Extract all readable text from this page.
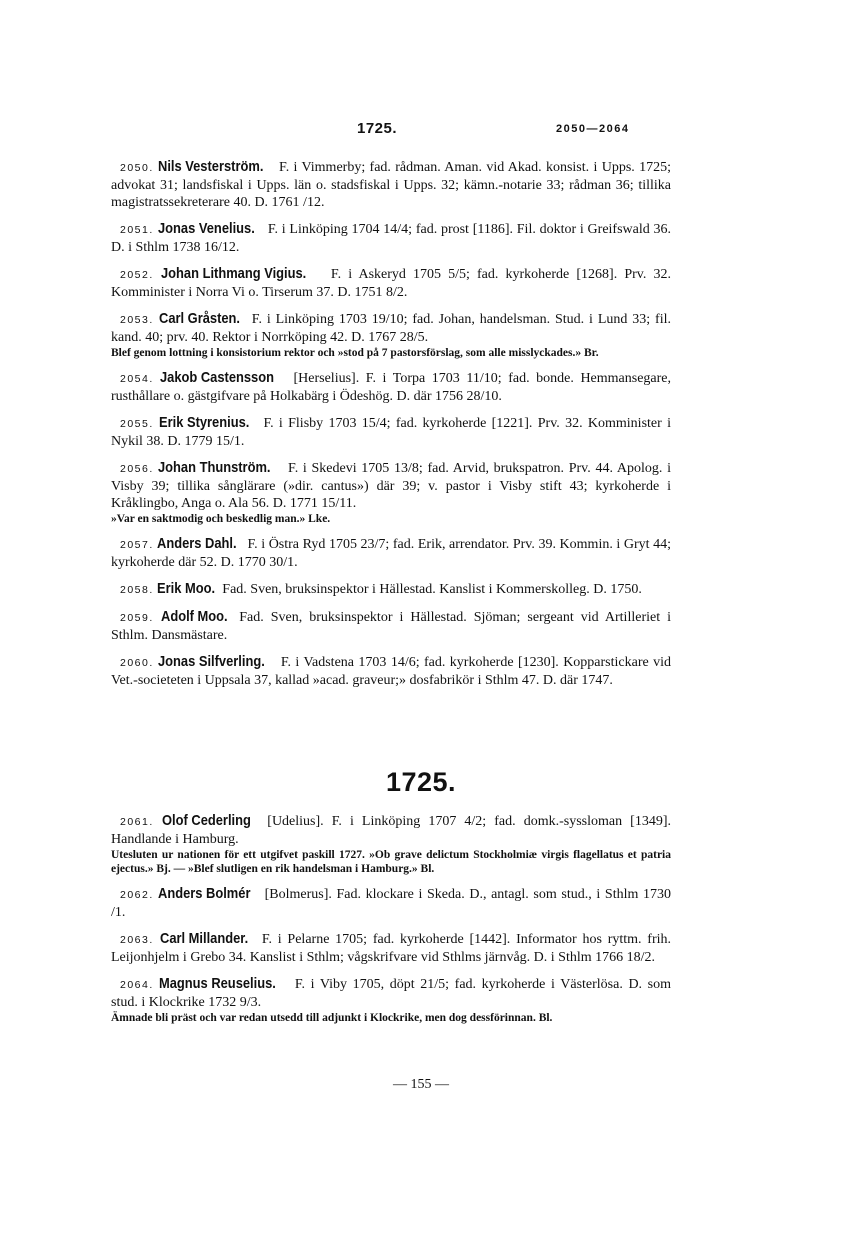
1725.	2050—2064

2050. Nils Vesterström. F. i Vimmerby; fad. rådman. Aman. vid Akad. konsist. i Upps. 1725; advokat 31; landsfiskal i Upps. län o. stadsfiskal i Upps. 32; kämn.-notarie 33; rådman 36; tillika magistratssekreterare 40. D. 1761 /12.

2051. Jonas Venelius. F. i Linköping 1704 14/4; fad. prost [1186]. Fil. doktor i Greifswald 36. D. i Sthlm 1738 16/12.

2052. Johan Lithmang Vigius. F. i Askeryd 1705 5/5; fad. kyrkoherde [1268]. Prv. 32. Komminister i Norra Vi o. Tirserum 37. D. 1751 8/2.

2053. Carl Gråsten. F. i Linköping 1703 19/10; fad. Johan, handelsman. Stud. i Lund 33; fil. kand. 40; prv. 40. Rektor i Norrköping 42. D. 1767 28/5.
Blef genom lottning i konsistorium rektor och »stod på 7 pastorsförslag, som alle misslyckades.» Br.

2054. Jakob Castensson [Herselius]. F. i Torpa 1703 11/10; fad. bonde. Hemmansegare, rusthållare o. gästgifvare på Holkabärg i Ödeshög. D. där 1756 28/10.

2055. Erik Styrenius. F. i Flisby 1703 15/4; fad. kyrkoherde [1221]. Prv. 32. Komminister i Nykil 38. D. 1779 15/1.

2056. Johan Thunström. F. i Skedevi 1705 13/8; fad. Arvid, brukspatron. Prv. 44. Apolog. i Visby 39; tillika sånglärare (»dir. cantus») där 39; v. pastor i Visby stift 43; kyrkoherde i Kråklingbo, Anga o. Ala 56. D. 1771 15/11.
»Var en saktmodig och beskedlig man.» Lke.

2057. Anders Dahl. F. i Östra Ryd 1705 23/7; fad. Erik, arrendator. Prv. 39. Kommin. i Gryt 44; kyrkoherde där 52. D. 1770 30/1.

2058. Erik Moo. Fad. Sven, bruksinspektor i Hällestad. Kanslist i Kommerskolleg. D. 1750.

2059. Adolf Moo. Fad. Sven, bruksinspektor i Hällestad. Sjöman; sergeant vid Artilleriet i Sthlm. Dansmästare.

2060. Jonas Silfverling. F. i Vadstena 1703 14/6; fad. kyrkoherde [1230]. Kopparstickare vid Vet.-societeten i Uppsala 37, kallad »acad. graveur;» dosfabrikör i Sthlm 47. D. där 1747.

1725.

2061. Olof Cederling [Udelius]. F. i Linköping 1707 4/2; fad. domk.-syssloman [1349]. Handlande i Hamburg.
Utesluten ur nationen för ett utgifvet paskill 1727. »Ob grave delictum Stockholmiæ virgis flagellatus et patria ejectus.» Bj. — »Blef slutligen en rik handelsman i Hamburg.» Bl.

2062. Anders Bolmér [Bolmerus]. Fad. klockare i Skeda. D., antagl. som stud., i Sthlm 1730 /1.

2063. Carl Millander. F. i Pelarne 1705; fad. kyrkoherde [1442]. Informator hos ryttm. frih. Leijonhjelm i Grebo 34. Kanslist i Sthlm; vågskrifvare vid Sthlms järnvåg. D. i Sthlm 1766 18/2.

2064. Magnus Reuselius. F. i Viby 1705, döpt 21/5; fad. kyrkoherde i Västerlösa. D. som stud. i Klockrike 1732 9/3.
Ämnade bli präst och var redan utsedd till adjunkt i Klockrike, men dog dessförinnan. Bl.

— 155 —
